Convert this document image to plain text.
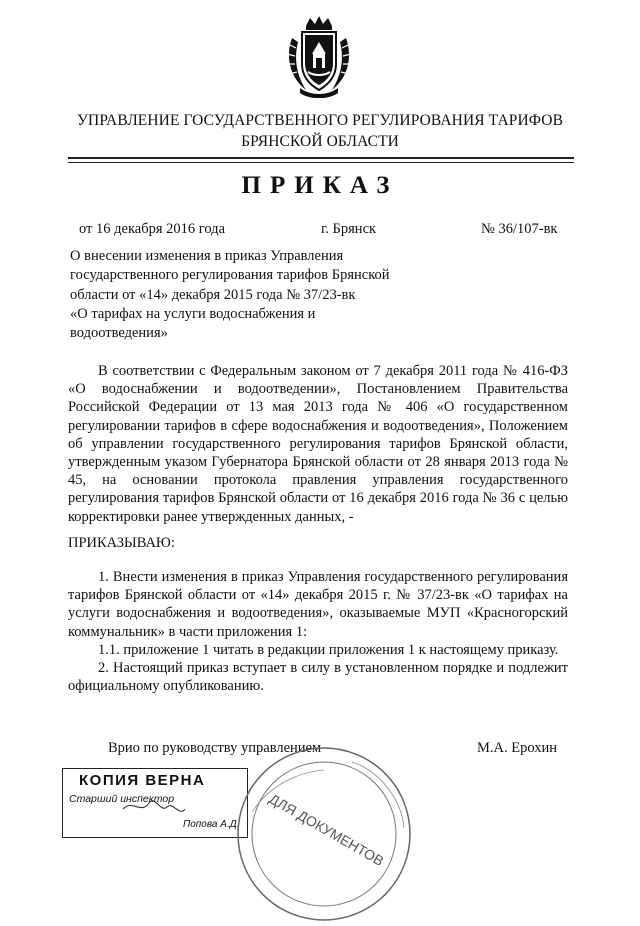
УПРАВЛЕНИЕ ГОСУДАРСТВЕННОГО РЕГУЛИРОВАНИЯ ТАРИФОВ
БРЯНСКОЙ ОБЛАСТИ
ПРИКАЗ
от 16 декабря 2016 года	г. Брянск	№ 36/107-вк
О внесении изменения в приказ Управления
государственного регулирования тарифов Брянской
области от «14» декабря 2015 года № 37/23-вк
«О тарифах на услуги водоснабжения и
водоотведения»

В соответствии с Федеральным законом от 7 декабря 2011 года № 416-ФЗ «О водоснабжении и водоотведении», Постановлением Правительства Российской Федерации от 13 мая 2013 года № 406 «О государственном регулировании тарифов в сфере водоснабжения и водоотведения», Положением об управлении государственного регулирования тарифов Брянской области, утвержденным указом Губернатора Брянской области от 28 января 2013 года № 45, на основании протокола правления управления государственного регулирования тарифов Брянской области от 16 декабря 2016 года № 36 с целью корректировки ранее утвержденных данных, -

ПРИКАЗЫВАЮ:

1. Внести изменения в приказ Управления государственного регулирования тарифов Брянской области от «14» декабря 2015 г. № 37/23-вк «О тарифах на услуги водоснабжения и водоотведения», оказываемые МУП «Красногорский коммунальник» в части приложения 1:

1.1. приложение 1 читать в редакции приложения 1 к настоящему приказу.

2. Настоящий приказ вступает в силу в установленном порядке и подлежит официальному опубликованию.

Врио по руководству управлением	М.А. Ерохин
КОПИЯ ВЕРНА
Старший инспектор
Попова А.Д. ДЛЯ ДОКУМЕНТОВ
